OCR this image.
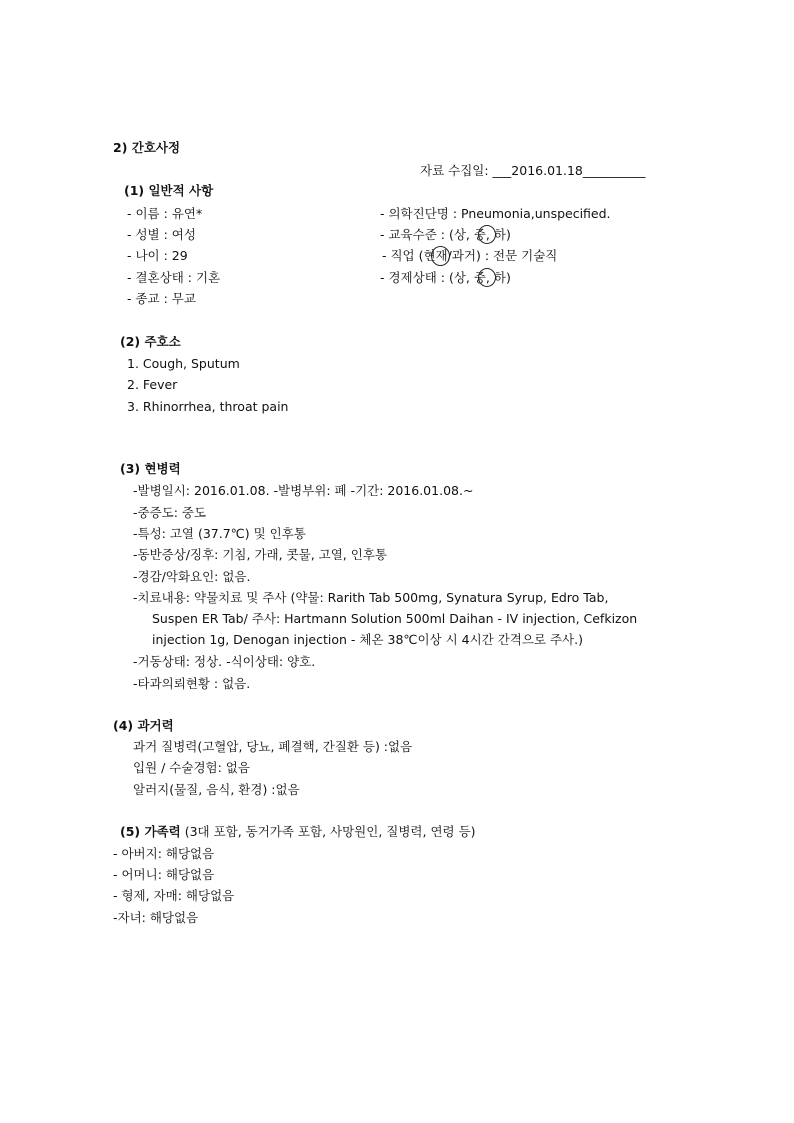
2) 간호사정
자료 수집일: ___2016.01.18__________
(1) 일반적 사항
- 이름 : 유연*
- 성별 : 여성
- 나이 : 29
- 결혼상태 : 기혼
- 종교 : 무교
- 의학진단명 : Pneumonia,unspecified.
- 교육수준 : (상, 중, 하)
- 직업 (현재/과거) : 전문 기술직
- 경제상태 : (상, 중, 하)
(2) 주호소
1. Cough, Sputum
2. Fever
3. Rhinorrhea, throat pain
(3) 현병력
-발병일시: 2016.01.08. -발병부위: 폐 -기간: 2016.01.08.~
-중증도: 중도
-특성: 고열 (37.7℃) 및 인후통
-동반증상/징후: 기침, 가래, 콧물, 고열, 인후통
-경감/악화요인: 없음.
-치료내용: 약물치료 및 주사 (약물: Rarith Tab 500mg, Synatura Syrup, Edro Tab,
Suspen ER Tab/ 주사: Hartmann Solution 500ml Daihan - IV injection, Cefkizon
injection 1g, Denogan injection - 체온 38℃이상 시 4시간 간격으로 주사.)
-거동상태: 정상. -식이상태: 양호.
-타과의뢰현황 : 없음.
(4) 과거력
과거 질병력(고혈압, 당뇨, 폐결핵, 간질환 등) :없음
입원 / 수술경험: 없음
알러지(물질, 음식, 환경) :없음
(5) 가족력 (3대 포함, 동거가족 포함, 사망원인, 질병력, 연령 등)
- 아버지: 해당없음
- 어머니: 해당없음
- 형제, 자매: 해당없음
-자녀: 해당없음
